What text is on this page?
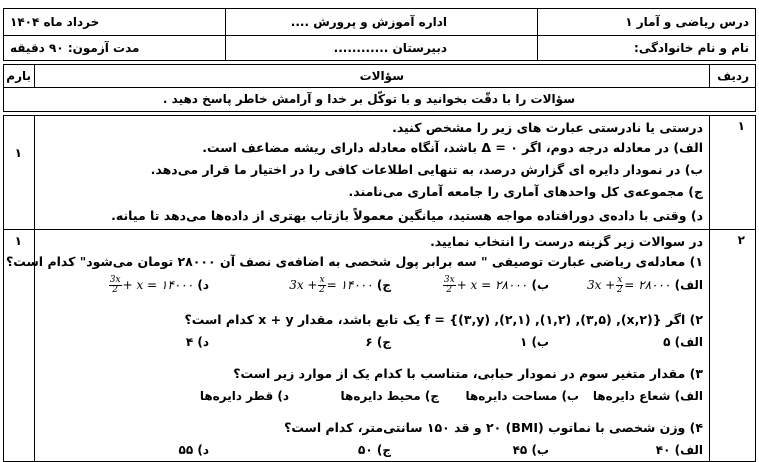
درس ریاضی و آمار ۱
اداره آموزش و پرورش ....
خرداد ماه ۱۴۰۴
نام و نام خانوادگی:
دبیرستان ............
مدت آزمون: ۹۰ دقیقه
ردیف
سؤالات
بارم
سؤالات را با دقّت بخوانید و با توکّل بر خدا و آرامش خاطر پاسخ دهید .
۱
درستی یا نادرستی عبارت های زیر را مشخص کنید.
الف) در معادله درجه دوم، اگر Δ = ۰ باشد، آنگاه معادله دارای ریشه مضاعف است.
ب) در نمودار دایره ای گزارش درصد، به تنهایی اطلاعات کافی را در اختیار ما قرار می‌دهد.
ج) مجموعه‌ی کل واحدهای آماری را جامعه آماری می‌نامند.
د) وقتی با داده‌ی دورافتاده مواجه هستید، میانگین معمولاً بازتاب بهتری از داده‌ها می‌دهد تا میانه.
۱
۲
در سوالات زیر گزینه درست را انتخاب نمایید.
۱) معادله‌ی ریاضی عبارت توصیفی " سه برابر پول شخصی به اضافه‌ی نصف آن ۲۸۰۰۰ تومان می‌شود" کدام است؟
الف) $3x + \frac{x}{2}$ = ۲۸۰۰۰
ب)
$\frac{3x}{2} + x$ = ۲۸۰۰۰
ج) $3x + \frac{x}{2}$ = ۱۴۰۰۰
د)
$\frac{3x}{2} + x$ = ۱۴۰۰۰
۲) اگر {(۲,x), (۳,۵), (۱,۲), (۲,۱), (۳,y)} = f یک تابع باشد، مقدار x + y کدام است؟
الف) ۵
ب) ۱
ج) ۶
د) ۴
۳) مقدار متغیر سوم در نمودار حبابی، متناسب با کدام یک از موارد زیر است؟
الف) شعاع دایره‌ها
ب) مساحت دایره‌ها
ج) محیط دایره‌ها
د) قطر دایره‌ها
۴) وزن شخصی با نماتوب (BMI) ۲۰ و قد ۱۵۰ سانتی‌متر، کدام است؟
الف) ۴۰
ب) ۴۵
ج) ۵۰
د) ۵۵
۱
